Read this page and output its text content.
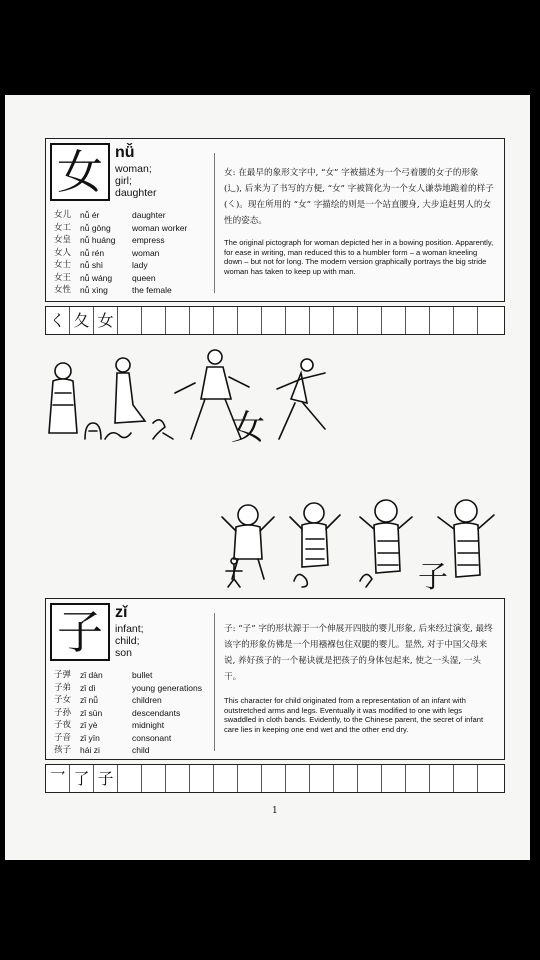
女 nǚ
woman;
girl;
daughter
女儿	nǚ ér	daughter
女工	nǚ gōng	woman worker
女皇	nǚ huáng	empress
女人	nǚ rén	woman
女士	nǚ shì	lady
女王	nǚ wáng	queen
女性	nǚ xìng	the female
女: 在最早的象形文字中, “女” 字被描述为一个弓着腰的女子的形象 (⻌), 后来为了书写的方便, “女” 字被简化为一个女人谦恭地跪着的样子 (㇛)。现在所用的 “女” 字描绘的则是一个站直腰身, 大步追赶男人的女性的姿态。
The original pictograph for woman depicted her in a bowing position. Apparently, for ease in writing, man reduced this to a humbler form – a woman kneeling down – but not for long. The modern version graphically portrays the big stride woman has taken to keep up with man.
く 夂 女
女
子
子 zǐ
infant;
child;
son
子弹	zǐ dàn	bullet
子弟	zǐ dì	young generations
子女	zǐ nǚ	children
子孙	zǐ sūn	descendants
子夜	zǐ yè	midnight
子音	zǐ yīn	consonant
孩子	hái zi	child
子: “子” 字的形状源于一个伸展开四肢的婴儿形象, 后来经过演变, 最终该字的形象仿佛是一个用襁褓包住双腿的婴儿。显然, 对于中国父母来说, 养好孩子的一个秘诀就是把孩子的身体包起来, 使之一头湿, 一头干。
This character for child originated from a representation of an infant with outstretched arms and legs. Eventually it was modified to one with legs swaddled in cloth bands. Evidently, to the Chinese parent, the secret of infant care lies in keeping one end wet and the other end dry.
乛 了 子
1
